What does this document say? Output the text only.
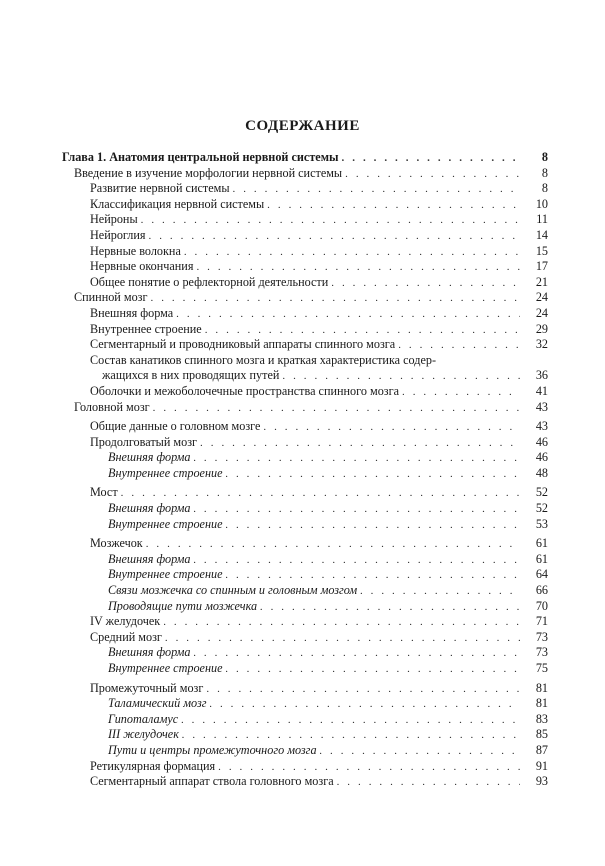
СОДЕРЖАНИЕ
Глава 1. Анатомия центральной нервной системы . . .	8
Введение в изучение морфологии нервной системы . . .	8
Развитие нервной системы . . .	8
Классификация нервной системы . . .	10
Нейроны . . .	11
Нейроглия . . .	14
Нервные волокна . . .	15
Нервные окончания . . .	17
Общее понятие о рефлекторной деятельности . . .	21
Спинной мозг . . .	24
Внешняя форма . . .	24
Внутреннее строение . . .	29
Сегментарный и проводниковый аппараты спинного мозга . . .	32
Состав канатиков спинного мозга и краткая характеристика содер-
жащихся в них проводящих путей . . .	36
Оболочки и межоболочечные пространства спинного мозга . . .	41
Головной мозг . . .	43
Общие данные о головном мозге . . .	43
Продолговатый мозг . . .	46
Внешняя форма . . .	46
Внутреннее строение . . .	48
Мост . . .	52
Внешняя форма . . .	52
Внутреннее строение . . .	53
Мозжечок . . .	61
Внешняя форма . . .	61
Внутреннее строение . . .	64
Связи мозжечка со спинным и головным мозгом . . .	66
Проводящие пути мозжечка . . .	70
IV желудочек . . .	71
Средний мозг . . .	73
Внешняя форма . . .	73
Внутреннее строение . . .	75
Промежуточный мозг . . .	81
Таламический мозг . . .	81
Гипоталамус . . .	83
III желудочек . . .	85
Пути и центры промежуточного мозга . . .	87
Ретикулярная формация . . .	91
Сегментарный аппарат ствола головного мозга . . .	93
